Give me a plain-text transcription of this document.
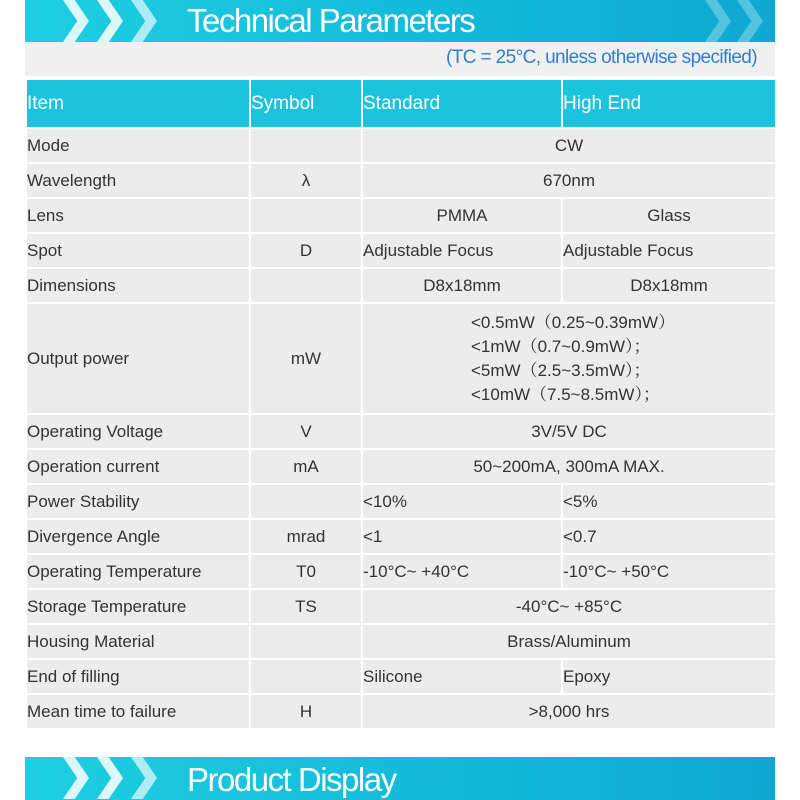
Technical Parameters
(TC = 25°C, unless otherwise specified)
Item	Symbol	Standard	High End
Mode		CW	
Wavelength	λ	670nm	
Lens		PMMA	Glass
Spot	D	Adjustable Focus	Adjustable Focus
Dimensions		D8x18mm	D8x18mm
Output power	mW	<0.5mW（0.25~0.39mW）
<1mW（0.7~0.9mW）；
<5mW（2.5~3.5mW）；
<10mW（7.5~8.5mW）；	

Operating Voltage	V	3V/5V DC	
Operation current	mA	50~200mA, 300mA MAX.	
Power Stability		<10%	<5%
Divergence Angle	mrad	<1	<0.7
Operating Temperature	T0	-10°C~ +40°C	-10°C~ +50°C
Storage Temperature	TS	-40°C~ +85°C	
Housing Material		Brass/Aluminum	
End of filling		Silicone	Epoxy
Mean time to failure	H	>8,000 hrs	
Product Display
